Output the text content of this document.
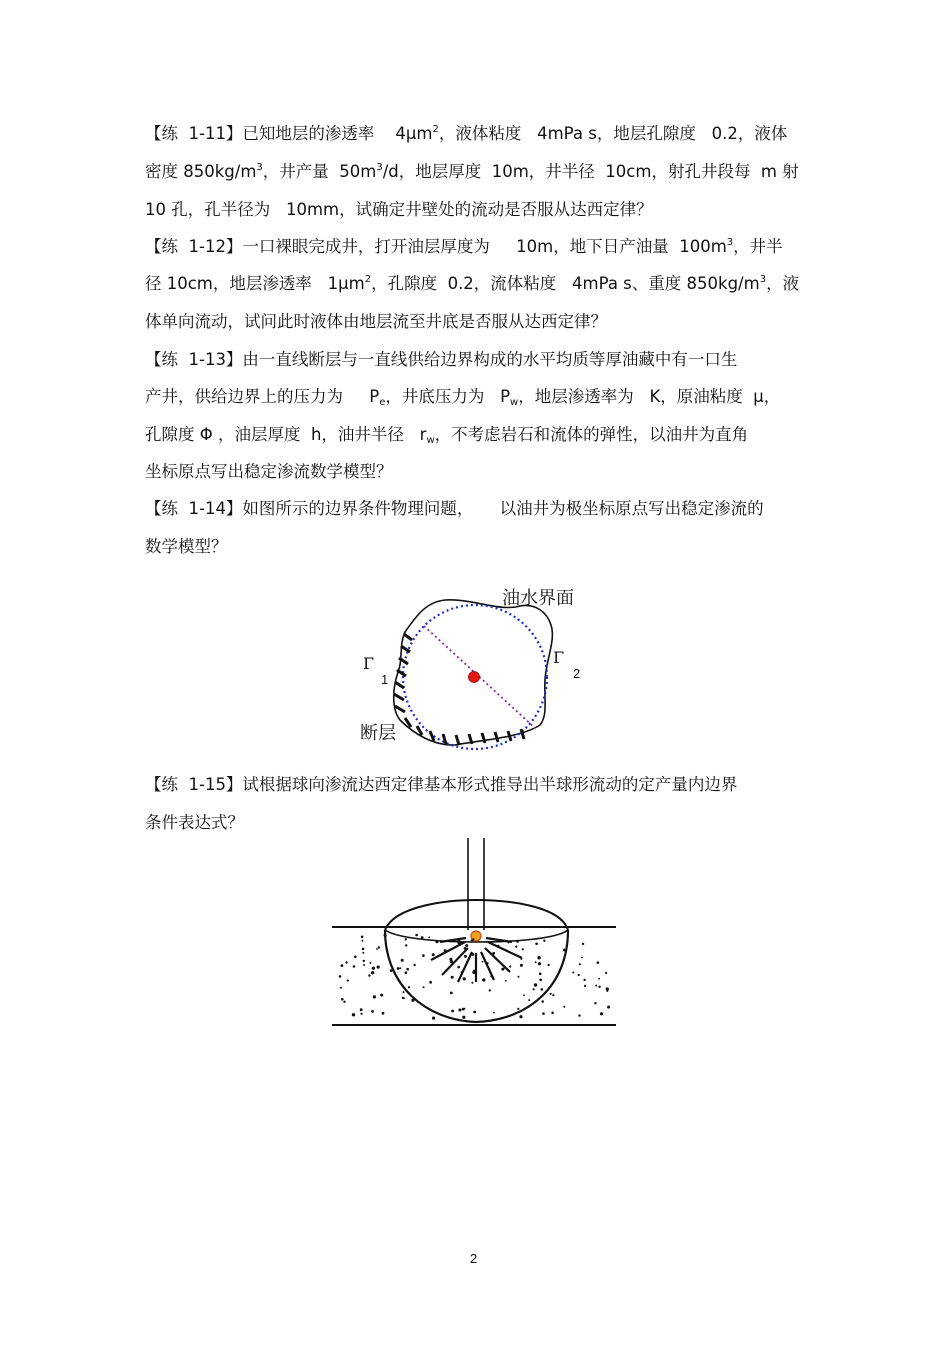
【练  1-11】已知地层的渗透率    $4\mu m^2$，液体粘度   4mPa s，地层孔隙度   0.2，液体
密度 $850kg/m^3$，井产量  $50m^3/d$，地层厚度  10m，井半径  10cm，射孔井段每  m 射
10 孔，孔半径为   10mm，试确定井壁处的流动是否服从达西定律？
【练  1-12】一口裸眼完成井，打开油层厚度为     10m，地下日产油量  $100m^3$，井半
径 10cm，地层渗透率   $1\mu m^2$，孔隙度  0.2，流体粘度   4mPa s、重度 $850kg/m^3$，液
体单向流动，试问此时液体由地层流至井底是否服从达西定律？
【练  1-13】由一直线断层与一直线供给边界构成的水平均质等厚油藏中有一口生
产井，供给边界上的压力为     $P_e$，井底压力为   $P_w$，地层渗透率为   K，原油粘度  μ，
孔隙度 Φ ，油层厚度  h，油井半径   $r_w$，不考虑岩石和流体的弹性，以油井为直角
坐标原点写出稳定渗流数学模型？
【练  1-14】如图所示的边界条件物理问题，     以油井为极坐标原点写出稳定渗流的
数学模型？
油水界面
断层
Γ
1
Γ
2
【练  1-15】试根据球向渗流达西定律基本形式推导出半球形流动的定产量内边界
条件表达式？
2
